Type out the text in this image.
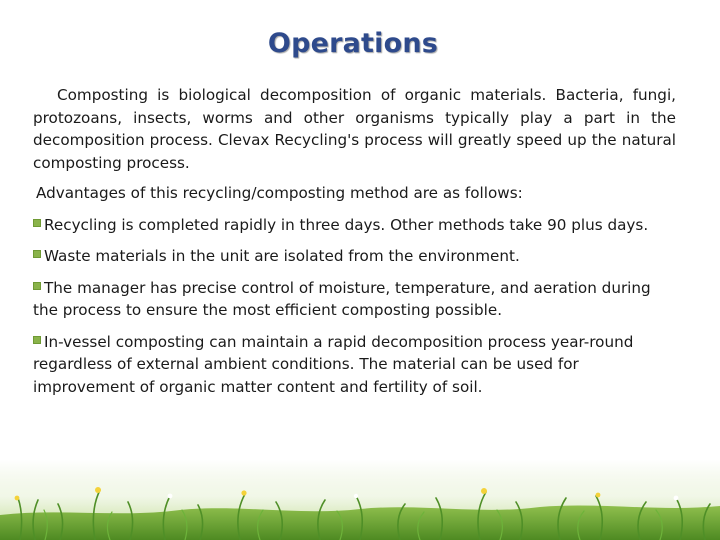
Operations

Composting is biological decomposition of organic materials. Bacteria, fungi, protozoans, insects, worms and other organisms typically play a part in the decomposition process. Clevax Recycling's process will greatly speed up the natural composting process.

Advantages of this recycling/composting method are as follows:

Recycling is completed rapidly in three days. Other methods take 90 plus days.

Waste materials in the unit are isolated from the environment.

The manager has precise control of moisture, temperature, and aeration during the process to ensure the most efficient composting possible.

In-vessel composting can maintain a rapid decomposition process year-round regardless of external ambient conditions. The material can be used for improvement of organic matter content and fertility of soil.
